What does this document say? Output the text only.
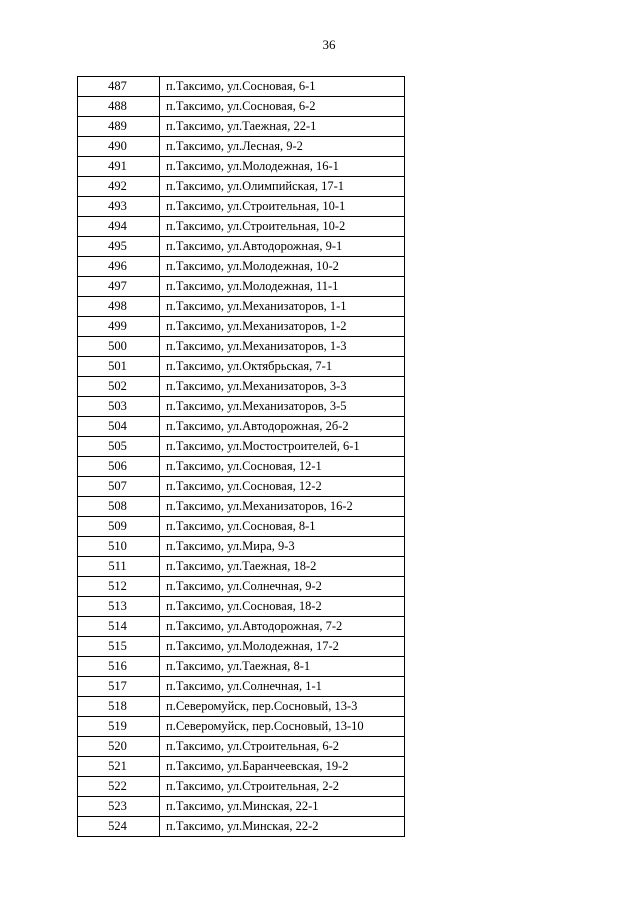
36
487	п.Таксимо, ул.Сосновая, 6-1
488	п.Таксимо, ул.Сосновая, 6-2
489	п.Таксимо, ул.Таежная, 22-1
490	п.Таксимо, ул.Лесная, 9-2
491	п.Таксимо, ул.Молодежная, 16-1
492	п.Таксимо, ул.Олимпийская, 17-1
493	п.Таксимо, ул.Строительная, 10-1
494	п.Таксимо, ул.Строительная, 10-2
495	п.Таксимо, ул.Автодорожная, 9-1
496	п.Таксимо, ул.Молодежная, 10-2
497	п.Таксимо, ул.Молодежная, 11-1
498	п.Таксимо, ул.Механизаторов, 1-1
499	п.Таксимо, ул.Механизаторов, 1-2
500	п.Таксимо, ул.Механизаторов, 1-3
501	п.Таксимо, ул.Октябрьская, 7-1
502	п.Таксимо, ул.Механизаторов, 3-3
503	п.Таксимо, ул.Механизаторов, 3-5
504	п.Таксимо, ул.Автодорожная, 2б-2
505	п.Таксимо, ул.Мостостроителей, 6-1
506	п.Таксимо, ул.Сосновая, 12-1
507	п.Таксимо, ул.Сосновая, 12-2
508	п.Таксимо, ул.Механизаторов, 16-2
509	п.Таксимо, ул.Сосновая, 8-1
510	п.Таксимо, ул.Мира, 9-3
511	п.Таксимо, ул.Таежная, 18-2
512	п.Таксимо, ул.Солнечная, 9-2
513	п.Таксимо, ул.Сосновая, 18-2
514	п.Таксимо, ул.Автодорожная, 7-2
515	п.Таксимо, ул.Молодежная, 17-2
516	п.Таксимо, ул.Таежная, 8-1
517	п.Таксимо, ул.Солнечная, 1-1
518	п.Северомуйск, пер.Сосновый, 13-3
519	п.Северомуйск, пер.Сосновый, 13-10
520	п.Таксимо, ул.Строительная, 6-2
521	п.Таксимо, ул.Баранчеевская, 19-2
522	п.Таксимо, ул.Строительная, 2-2
523	п.Таксимо, ул.Минская, 22-1
524	п.Таксимо, ул.Минская, 22-2
